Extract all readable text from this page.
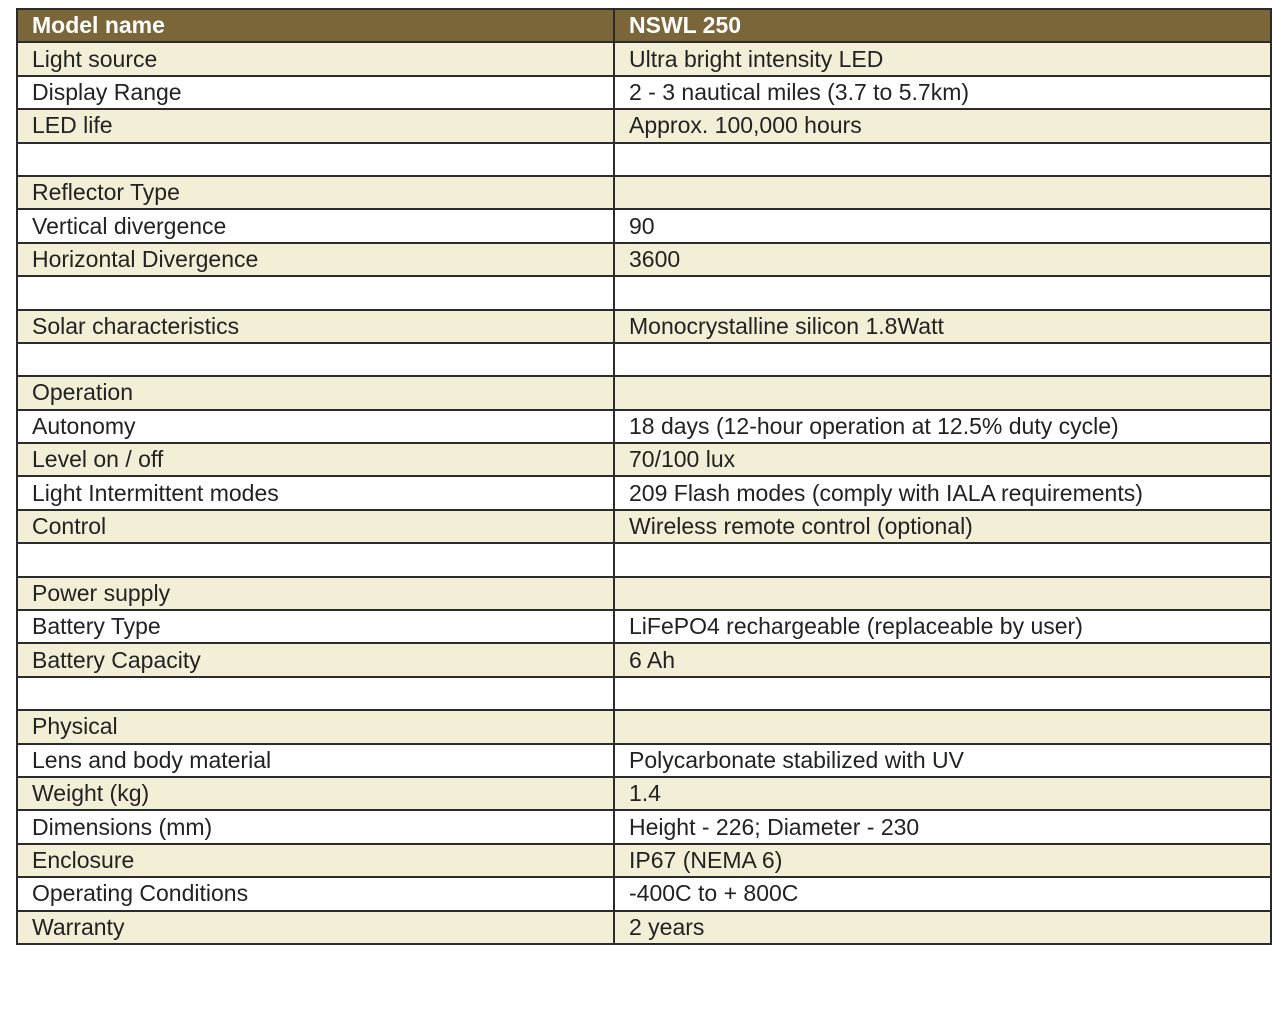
Model name	NSWL 250
Light source	Ultra bright intensity LED
Display Range	2 - 3 nautical miles (3.7 to 5.7km)
LED life	Approx. 100,000 hours

Reflector Type	
Vertical divergence	90
Horizontal Divergence	3600

Solar characteristics	Monocrystalline silicon 1.8Watt

Operation	
Autonomy	18 days (12-hour operation at 12.5% duty cycle)
Level on / off	70/100 lux
Light Intermittent modes	209 Flash modes (comply with IALA requirements)
Control	Wireless remote control (optional)

Power supply	
Battery Type	LiFePO4 rechargeable (replaceable by user)
Battery Capacity	6 Ah

Physical	
Lens and body material	Polycarbonate stabilized with UV
Weight (kg)	1.4
Dimensions (mm)	Height - 226; Diameter - 230
Enclosure	IP67 (NEMA 6)
Operating Conditions	-400C to + 800C
Warranty	2 years
